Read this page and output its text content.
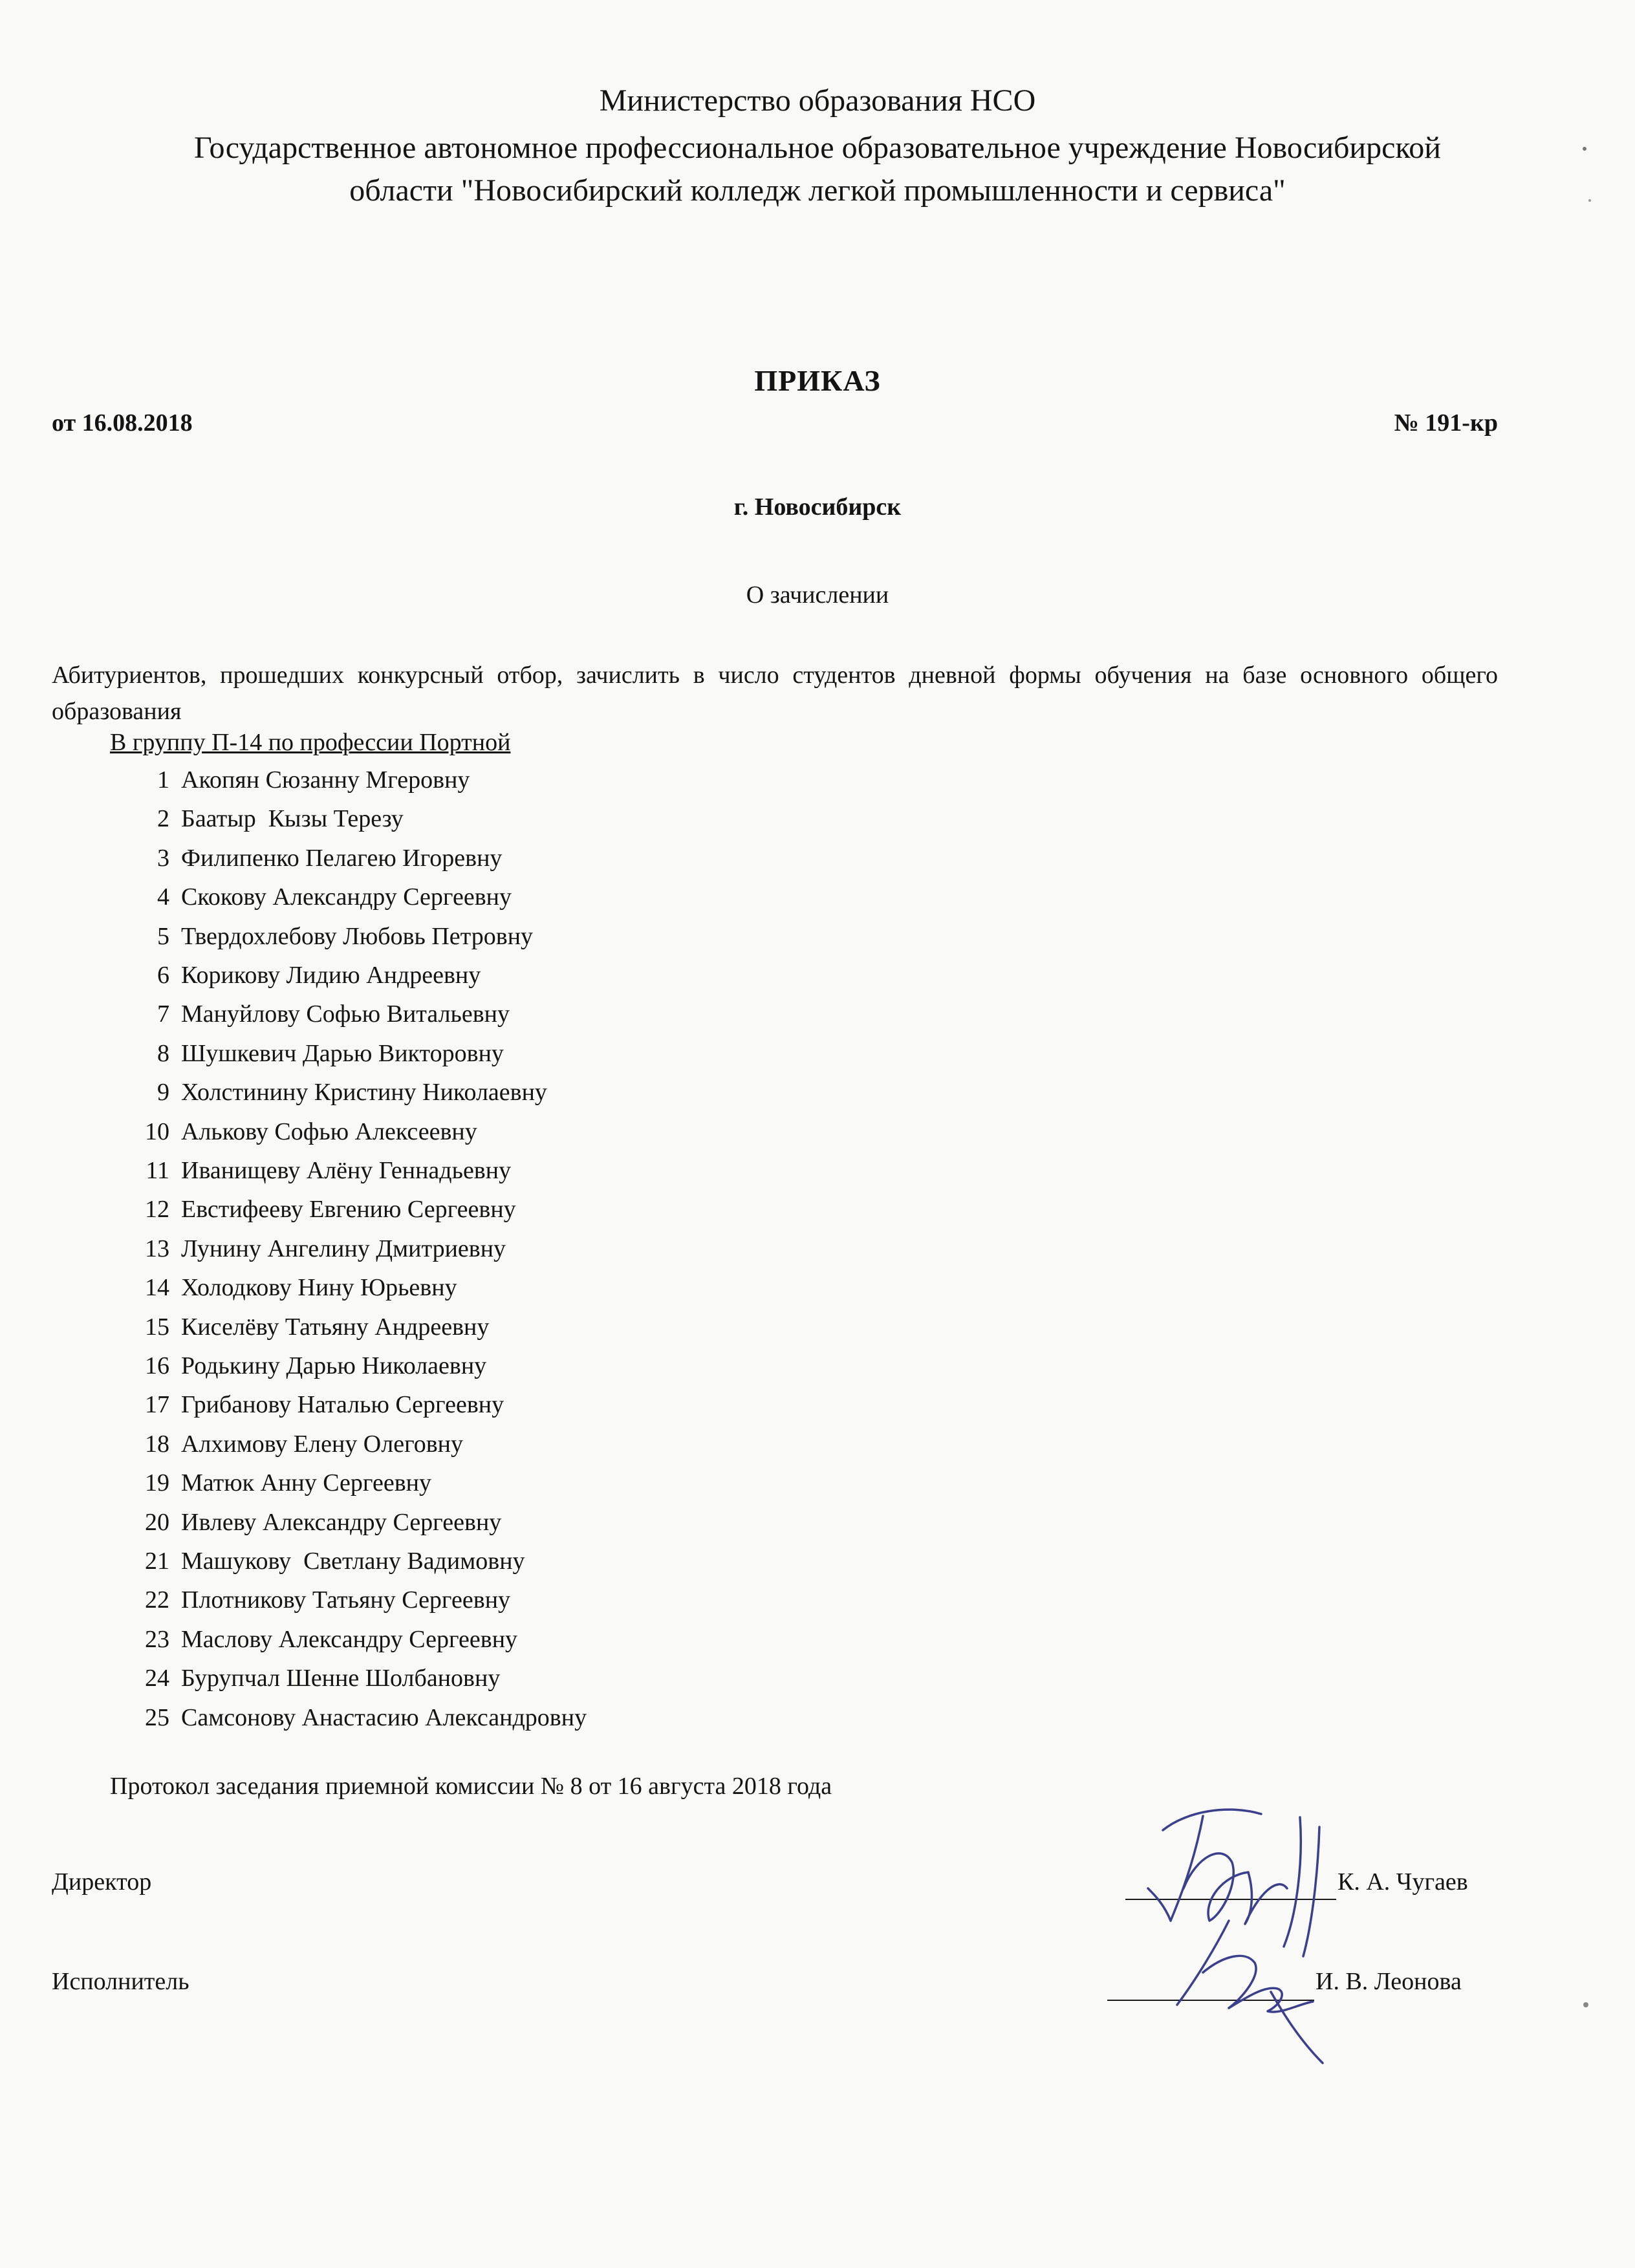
Министерство образования НСО
Государственное автономное профессиональное образовательное учреждение Новосибирской
области "Новосибирский колледж легкой промышленности и сервиса"
ПРИКАЗ
от 16.08.2018	№ 191-кр
г. Новосибирск
О зачислении
Абитуриентов, прошедших конкурсный отбор, зачислить в число студентов дневной формы обучения на базе основного общего образования
В группу П-14 по профессии Портной
1 Акопян Сюзанну Мгеровну
2 Баатыр  Кызы Терезу
3 Филипенко Пелагею Игоревну
4 Скокову Александру Сергеевну
5 Твердохлебову Любовь Петровну
6 Корикову Лидию Андреевну
7 Мануйлову Софью Витальевну
8 Шушкевич Дарью Викторовну
9 Холстинину Кристину Николаевну
10 Алькову Софью Алексеевну
11 Иванищеву Алёну Геннадьевну
12 Евстифееву Евгению Сергеевну
13 Лунину Ангелину Дмитриевну
14 Холодкову Нину Юрьевну
15 Киселёву Татьяну Андреевну
16 Родькину Дарью Николаевну
17 Грибанову Наталью Сергеевну
18 Алхимову Елену Олеговну
19 Матюк Анну Сергеевну
20 Ивлеву Александру Сергеевну
21 Машукову  Светлану Вадимовну
22 Плотникову Татьяну Сергеевну
23 Маслову Александру Сергеевну
24 Бурупчал Шенне Шолбановну
25 Самсонову Анастасию Александровну
Протокол заседания приемной комиссии № 8 от 16 августа 2018 года
Директор	К. А. Чугаев
Исполнитель	И. В. Леонова
